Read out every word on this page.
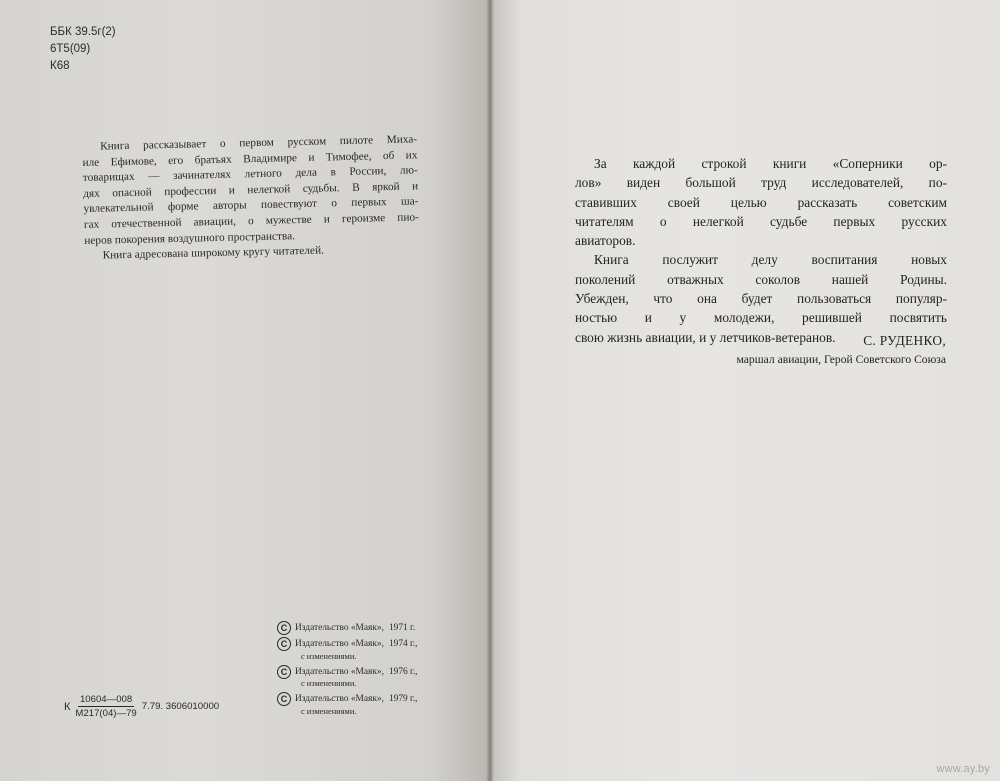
ББК 39.5г(2)
6Т5(09)
К68
Книга рассказывает о первом русском пилоте Миха-
иле Ефимове, его братьях Владимире и Тимофее, об их
товарищах — зачинателях летного дела в России, лю-
дях опасной профессии и нелегкой судьбы. В яркой и
увлекательной форме авторы повествуют о первых ша-
гах отечественной авиации, о мужестве и героизме пио-
неров покорения воздушного пространства.
Книга адресована широкому кругу читателей.
C Издательство «Маяк», 1971 г.
C Издательство «Маяк», 1974 г.,
с изменениями.
C Издательство «Маяк», 1976 г.,
с изменениями.
C Издательство «Маяк», 1979 г.,
с изменениями.
К $\frac{10604—008}{М217(04)—79} 7.79$. 3606010000
За каждой строкой книги «Соперники ор-
лов» виден большой труд исследователей, по-
ставивших своей целью рассказать советским
читателям о нелегкой судьбе первых русских
авиаторов.
Книга послужит делу воспитания новых
поколений отважных соколов нашей Родины.
Убежден, что она будет пользоваться популяр-
ностью и у молодежи, решившей посвятить
свою жизнь авиации, и у летчиков-ветеранов.	С. РУДЕНКО,
маршал авиации, Герой Советского Союза
www.ay.by
